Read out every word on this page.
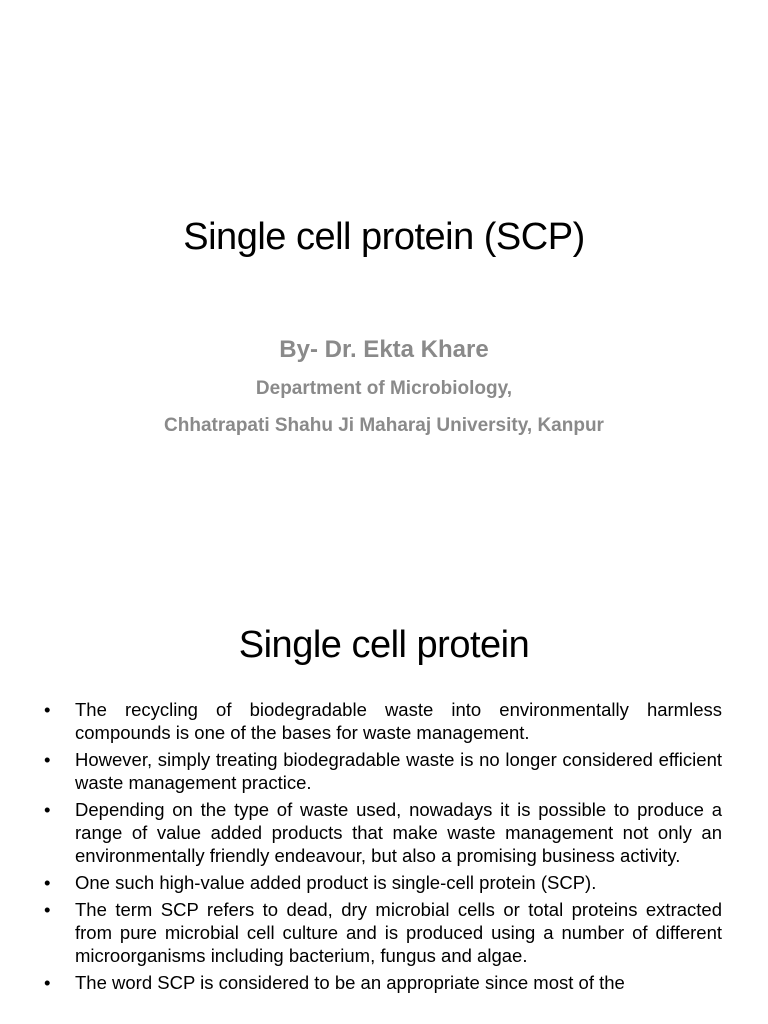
Single cell protein (SCP)

By- Dr. Ekta Khare

Department of Microbiology,

Chhatrapati Shahu Ji Maharaj University, Kanpur

Single cell protein
•	The recycling of biodegradable waste into environmentally harmless compounds is one of the bases for waste management.
•	However, simply treating biodegradable waste is no longer considered efficient waste management practice.
•	Depending on the type of waste used, nowadays it is possible to produce a range of value added products that make waste management not only an environmentally friendly endeavour, but also a promising business activity.
•	One such high-value added product is single-cell protein (SCP).
•	The term SCP refers to dead, dry microbial cells or total proteins extracted from pure microbial cell culture and is produced using a number of different microorganisms including bacterium, fungus and algae.
•	The word SCP is considered to be an appropriate since most of the
